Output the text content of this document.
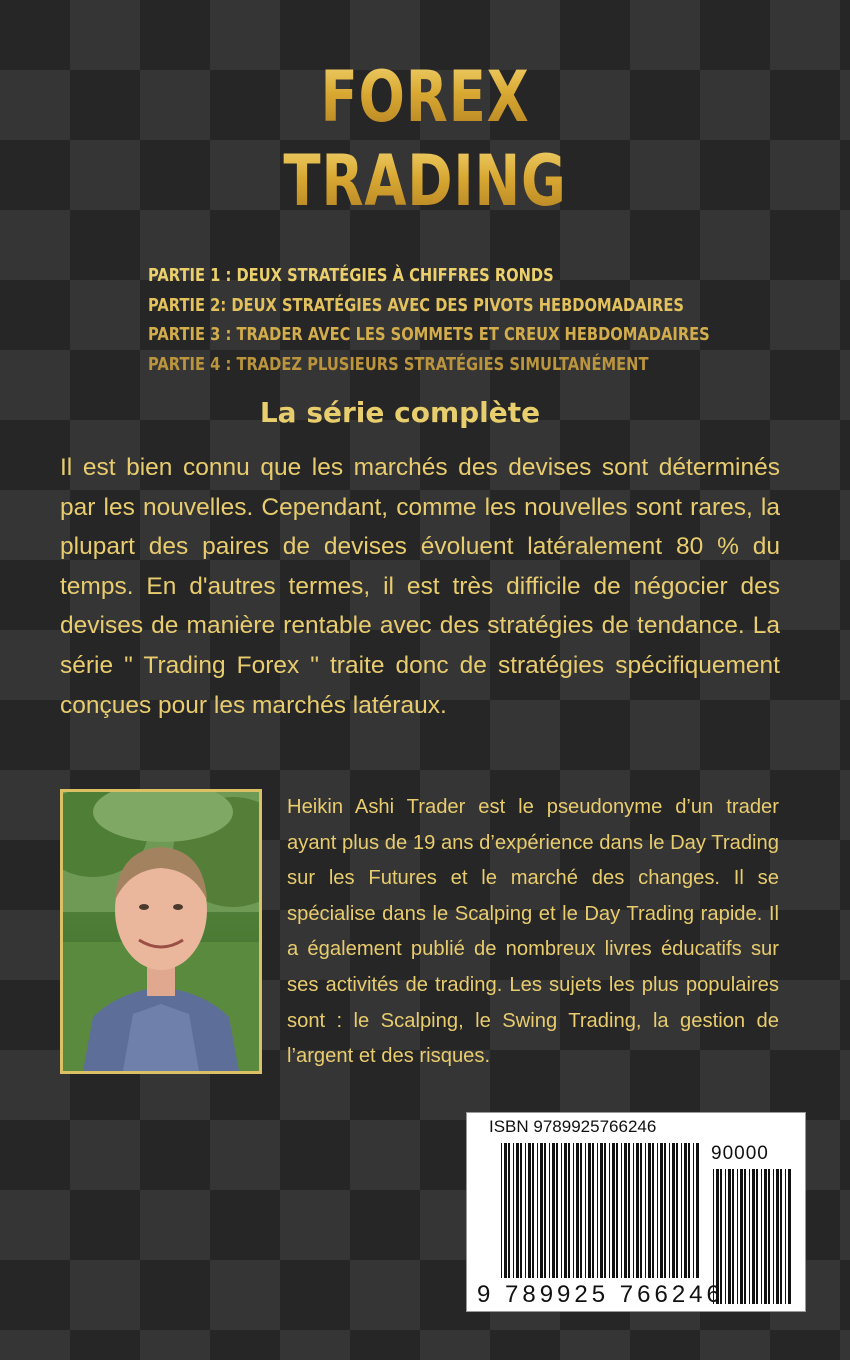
FOREX
TRADING
PARTIE 1 : DEUX STRATÉGIES À CHIFFRES RONDS
PARTIE 2: DEUX STRATÉGIES AVEC DES PIVOTS HEBDOMADAIRES
PARTIE 3 : TRADER AVEC LES SOMMETS ET CREUX HEBDOMADAIRES
PARTIE 4 : TRADEZ PLUSIEURS STRATÉGIES SIMULTANÉMENT
La série complète

Il est bien connu que les marchés des devises sont déterminés par les nouvelles. Cependant, comme les nouvelles sont rares, la plupart des paires de devises évoluent latéralement 80 % du temps. En d'autres termes, il est très difficile de négocier des devises de manière rentable avec des stratégies de tendance. La série " Trading Forex " traite donc de stratégies spécifiquement conçues pour les marchés latéraux.

Heikin Ashi Trader est le pseudonyme d’un trader ayant plus de 19 ans d’expérience dans le Day Trading sur les Futures et le marché des changes. Il se spécialise dans le Scalping et le Day Trading rapide. Il a également publié de nombreux livres éducatifs sur ses activités de trading. Les sujets les plus populaires sont : le Scalping, le Swing Trading, la gestion de l’argent et des risques.

ISBN 9789925766246
90000
9 789925 766246
